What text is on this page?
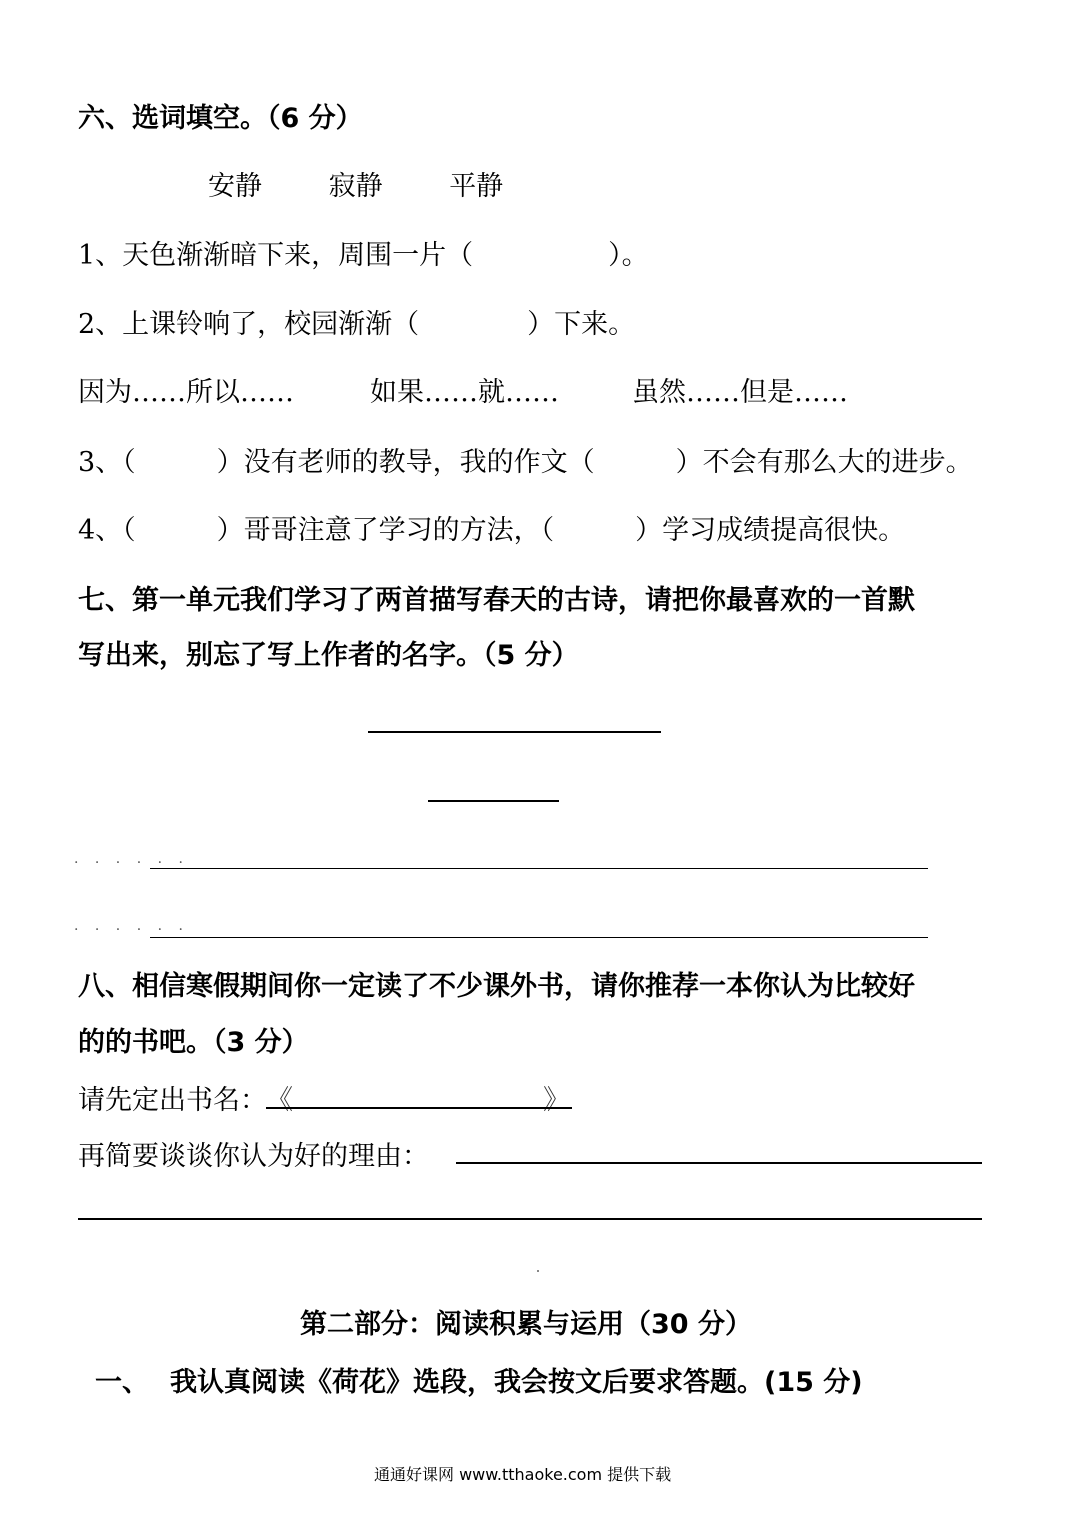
六、选词填空。（6 分）
安静 寂静 平静
1、天色渐渐暗下来，周围一片（　　　　　）。
2、上课铃响了，校园渐渐（　　　　）下来。
因为……所以……	如果……就……	虽然……但是……
3、（　　　）没有老师的教导，我的作文（　　　）不会有那么大的进步。
4、（　　　）哥哥注意了学习的方法，（　　　）学习成绩提高很快。
七、第一单元我们学习了两首描写春天的古诗，请把你最喜欢的一首默
写出来，别忘了写上作者的名字。（5 分）
· · · · · ·
· · · · · ·
八、相信寒假期间你一定读了不少课外书，请你推荐一本你认为比较好
的的书吧。（3 分）
请先定出书名： 《	》
再简要谈谈你认为好的理由：
第二部分：阅读积累与运用（30 分）
一、 我认真阅读《荷花》选段，我会按文后要求答题。(15 分)
通通好课网 www.tthaoke.com 提供下载
